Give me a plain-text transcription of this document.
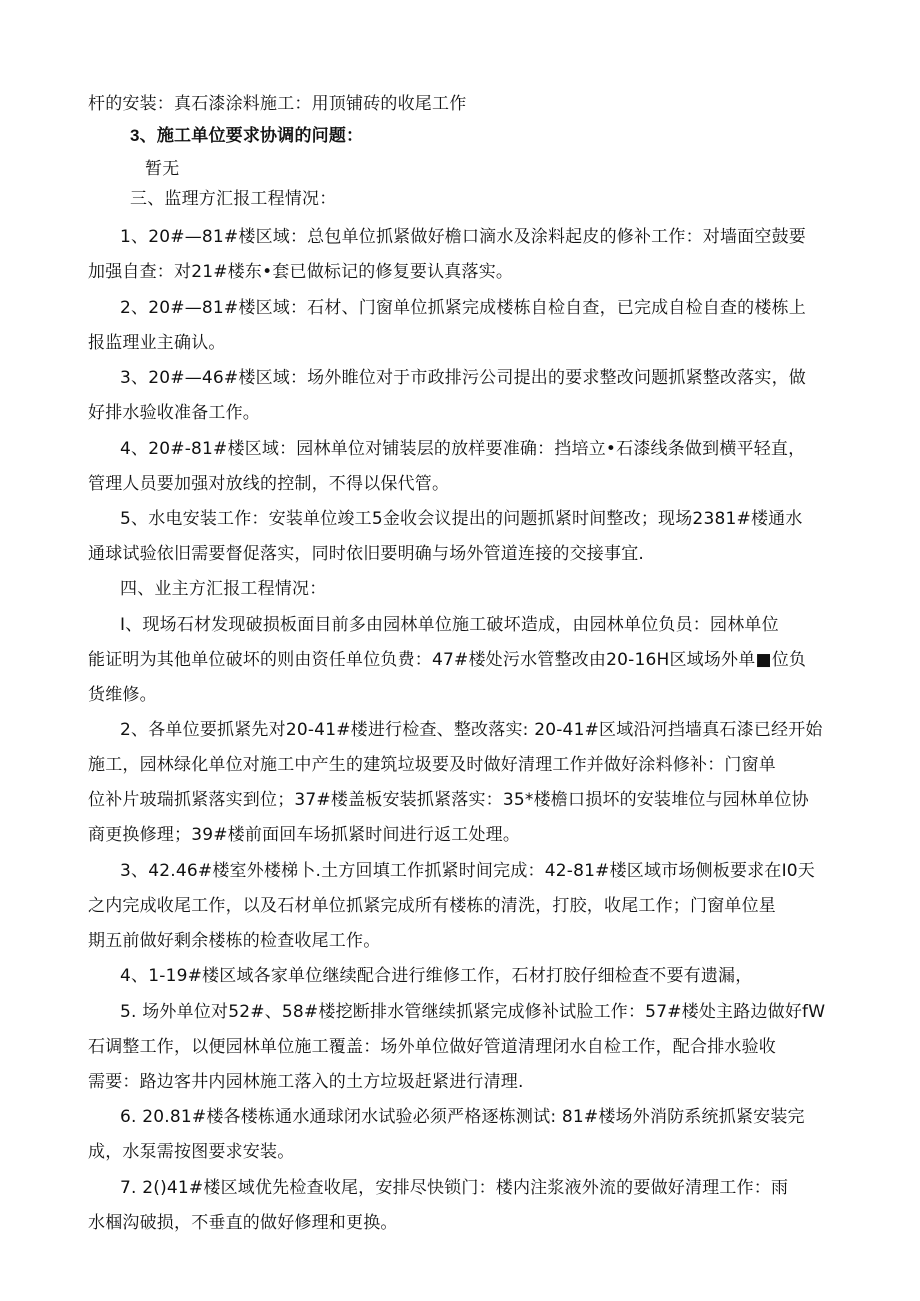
杆的安装：真石漆涂料施工：用顶铺砖的收尾工作

3、施工单位要求协调的问题：

暂无

三、监理方汇报工程情况：

1、20#—81#楼区域：总包单位抓紧做好檐口滴水及涂料起皮的修补工作：对墙面空鼓要

加强自查：对21#楼东•套已做标记的修复要认真落实。

2、20#—81#楼区域：石材、门窗单位抓紧完成楼栋自检自查，已完成自检自查的楼栋上

报监理业主确认。

3、20#—46#楼区域：场外睢位对于市政排污公司提出的要求整改问题抓紧整改落实，做

好排水验收准备工作。

4、20#-81#楼区域：园林单位对铺装层的放样要准确：挡培立•石漆线条做到横平轻直，

管理人员要加强对放线的控制，不得以保代管。

5、水电安装工作：安装单位竣工5金收会议提出的问题抓紧时间整改；现场2381#楼通水

通球试验依旧需要督促落实，同时依旧要明确与场外管道连接的交接事宜.

四、业主方汇报工程情况：

I、现场石材发现破损板面目前多由园林单位施工破坏造成，由园林单位负员：园林单位

能证明为其他单位破坏的则由资任单位负费：47#楼处污水管整改由20-16H区域场外单■位负

货维修。

2、各单位要抓紧先对20-41#楼进行检查、整改落实: 20-41#区域沿河挡墙真石漆已经开始

施工，园林绿化单位对施工中产生的建筑垃圾要及时做好清理工作并做好涂料修补：门窗单

位补片玻瑞抓紧落实到位；37#楼盖板安装抓紧落实：35*楼檐口损坏的安装堆位与园林单位协

商更换修理；39#楼前面回车场抓紧时间进行返工处理。

3、42.46#楼室外楼梯卜.土方回填工作抓紧时间完成：42-81#楼区域市场侧板要求在I0天

之内完成收尾工作，以及石材单位抓紧完成所有楼栋的清洗，打胶，收尾工作；门窗单位星

期五前做好剩余楼栋的检查收尾工作。

4、1-19#楼区域各家单位继续配合进行维修工作，石材打胶仔细检查不要有遗漏，

5. 场外单位对52#、58#楼挖断排水管继续抓紧完成修补试脸工作：57#楼处主路边做好fW

石调整工作，以便园林单位施工覆盖：场外单位做好管道清理闭水自检工作，配合排水验收

需要：路边客井内园林施工落入的土方垃圾赶紧进行清理.

6. 20.81#楼各楼栋通水通球闭水试验必须严格逐栋测试: 81#楼场外消防系统抓紧安装完

成，水泵需按图要求安装。

7. 2()41#楼区域优先检查收尾，安排尽快锁门：楼内注浆液外流的要做好清理工作：雨

水椢沟破损，不垂直的做好修理和更换。
